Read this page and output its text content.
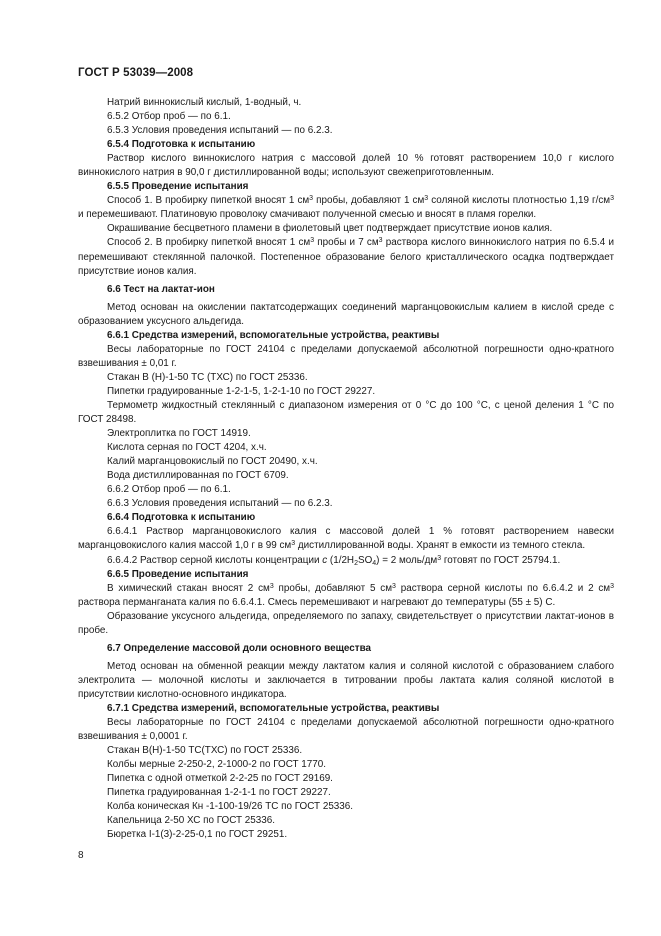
ГОСТ Р 53039—2008

Натрий виннокислый кислый, 1-водный, ч.

6.5.2 Отбор проб — по 6.1.

6.5.3 Условия проведения испытаний — по 6.2.3.

6.5.4 Подготовка к испытанию

Раствор кислого виннокислого натрия с массовой долей 10 % готовят растворением 10,0 г кислого виннокислого натрия в 90,0 г дистиллированной воды; используют свежеприготовленным.

6.5.5 Проведение испытания

Способ 1. В пробирку пипеткой вносят 1 $см^3$ пробы, добавляют 1 $см^3$ соляной кислоты плотностью 1,19 $г/см^3$ и перемешивают. Платиновую проволоку смачивают полученной смесью и вносят в пламя горелки.

Окрашивание бесцветного пламени в фиолетовый цвет подтверждает присутствие ионов калия.

Способ 2. В пробирку пипеткой вносят 1 $см^3$ пробы и 7 $см^3$ раствора кислого виннокислого натрия по 6.5.4 и перемешивают стеклянной палочкой. Постепенное образование белого кристаллического осадка подтверждает присутствие ионов калия.

6.6 Тест на лактат-ион

Метод основан на окислении пактатсодержащих соединений марганцовокислым калием в кислой среде с образованием уксусного альдегида.

6.6.1 Средства измерений, вспомогательные устройства, реактивы

Весы лабораторные по ГОСТ 24104 с пределами допускаемой абсолютной погрешности одно-кратного взвешивания ± 0,01 г.

Стакан В (Н)-1-50 ТС (ТХС) по ГОСТ 25336.

Пипетки градуированные 1-2-1-5, 1-2-1-10 по ГОСТ 29227.

Термометр жидкостный стеклянный с диапазоном измерения от 0 °С до 100 °С, с ценой деления 1 °С по ГОСТ 28498.

Электроплитка по ГОСТ 14919.

Кислота серная по ГОСТ 4204, х.ч.

Калий марганцовокислый по ГОСТ 20490, х.ч.

Вода дистиллированная по ГОСТ 6709.

6.6.2 Отбор проб — по 6.1.

6.6.3 Условия проведения испытаний — по 6.2.3.

6.6.4 Подготовка к испытанию

6.6.4.1 Раствор марганцовокислого калия с массовой долей 1 % готовят растворением навески марганцовокислого калия массой 1,0 г в 99 $см^3$ дистиллированной воды. Хранят в емкости из темного стекла.

6.6.4.2 Раствор серной кислоты концентрации c $(1/2H_2SO_4) = 2$ моль/$дм^3$ готовят по ГОСТ 25794.1.

6.6.5 Проведение испытания

В химический стакан вносят 2 $см^3$ пробы, добавляют 5 $см^3$ раствора серной кислоты по 6.6.4.2 и 2 $см^3$ раствора перманганата калия по 6.6.4.1. Смесь перемешивают и нагревают до температуры (55 ± 5) С.

Образование уксусного альдегида, определяемого по запаху, свидетельствует о присутствии лактат-ионов в пробе.

6.7 Определение массовой доли основного вещества

Метод основан на обменной реакции между лактатом калия и соляной кислотой с образованием слабого электролита — молочной кислоты и заключается в титровании пробы лактата калия соляной кислотой в присутствии кислотно-основного индикатора.

6.7.1 Средства измерений, вспомогательные устройства, реактивы

Весы лабораторные по ГОСТ 24104 с пределами допускаемой абсолютной погрешности одно-кратного взвешивания ± 0,0001 г.

Стакан В(Н)-1-50 ТС(ТХС) по ГОСТ 25336.

Колбы мерные 2-250-2, 2-1000-2 по ГОСТ 1770.

Пипетка с одной отметкой 2-2-25 по ГОСТ 29169.

Пипетка градуированная 1-2-1-1 по ГОСТ 29227.

Колба коническая Кн -1-100-19/26 ТС по ГОСТ 25336.

Капельница 2-50 ХС по ГОСТ 25336.

Бюретка I-1(3)-2-25-0,1 по ГОСТ 29251.

8
